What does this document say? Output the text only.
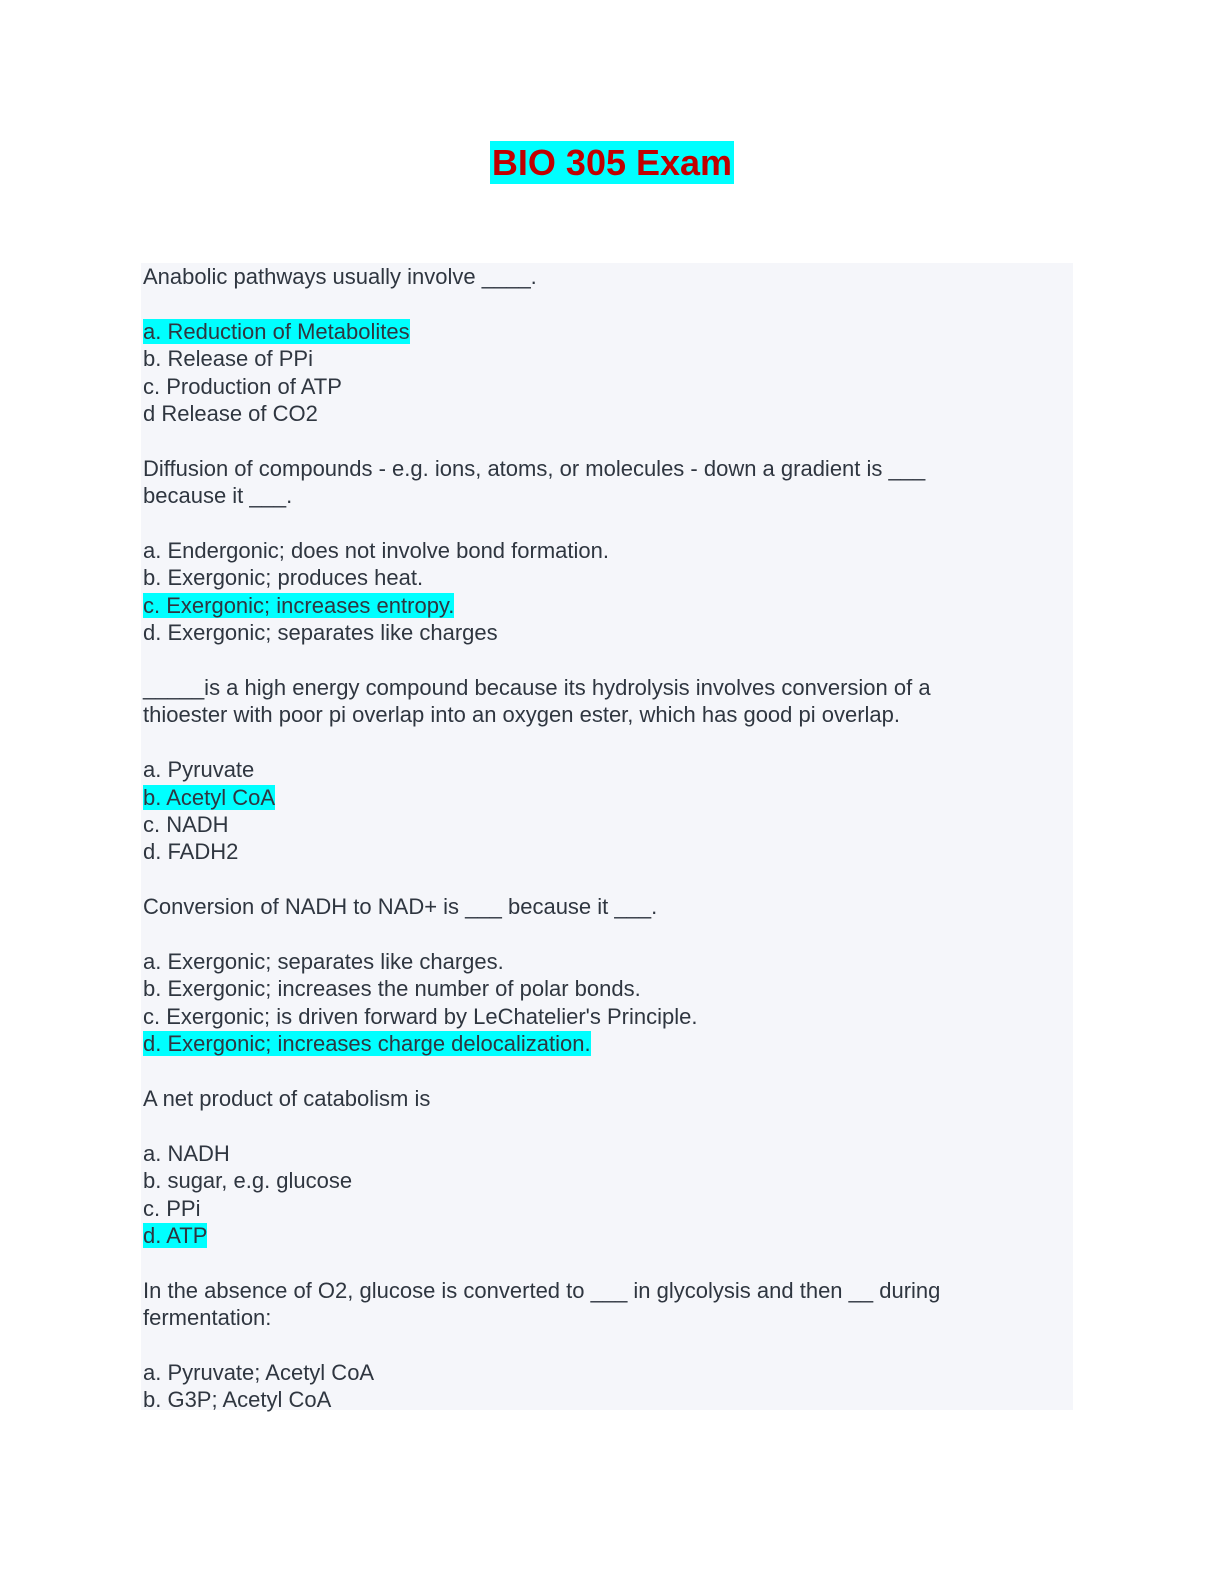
BIO 305 Exam
Anabolic pathways usually involve ____.
a. Reduction of Metabolites
b. Release of PPi
c. Production of ATP
d Release of CO2
Diffusion of compounds - e.g. ions, atoms, or molecules - down a gradient is ___
because it ___.
a. Endergonic; does not involve bond formation.
b. Exergonic; produces heat.
c. Exergonic; increases entropy.
d. Exergonic; separates like charges
_____is a high energy compound because its hydrolysis involves conversion of a
thioester with poor pi overlap into an oxygen ester, which has good pi overlap.
a. Pyruvate
b. Acetyl CoA
c. NADH
d. FADH2
Conversion of NADH to NAD+ is ___ because it ___.
a. Exergonic; separates like charges.
b. Exergonic; increases the number of polar bonds.
c. Exergonic; is driven forward by LeChatelier's Principle.
d. Exergonic; increases charge delocalization.
A net product of catabolism is
a. NADH
b. sugar, e.g. glucose
c. PPi
d. ATP
In the absence of O2, glucose is converted to ___ in glycolysis and then __ during
fermentation:
a. Pyruvate; Acetyl CoA
b. G3P; Acetyl CoA
